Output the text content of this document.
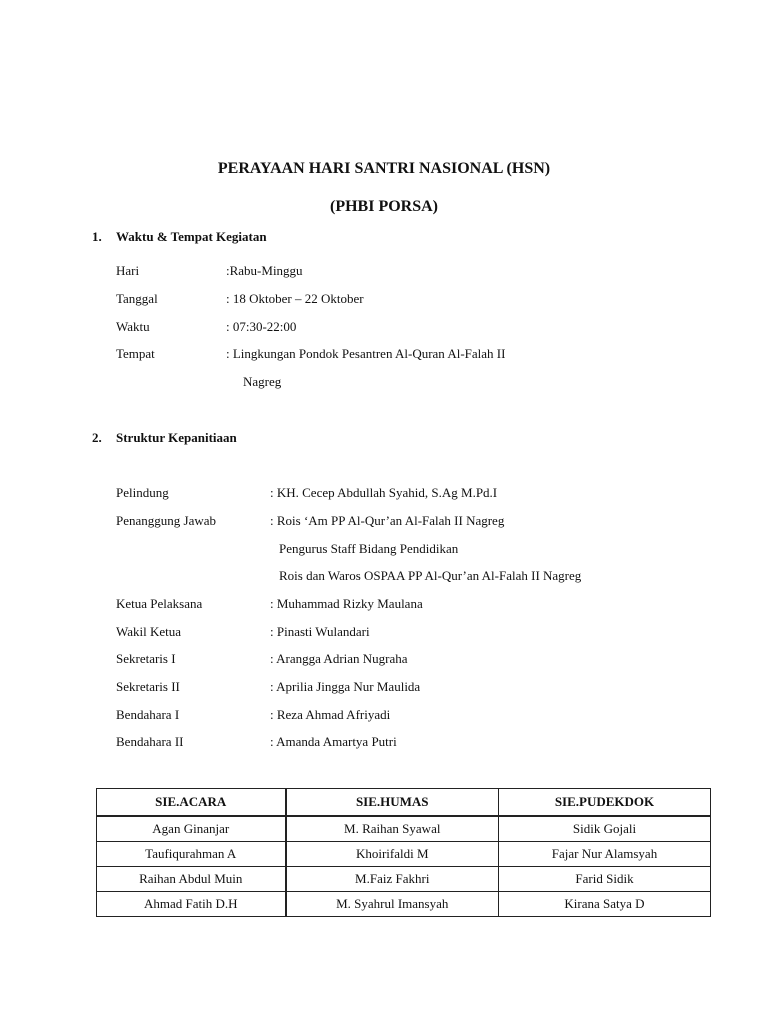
PERAYAAN HARI SANTRI NASIONAL (HSN)
(PHBI PORSA)
1. Waktu & Tempat Kegiatan
Hari	:Rabu-Minggu
Tanggal	: 18 Oktober – 22 Oktober
Waktu	: 07:30-22:00
Tempat	: Lingkungan Pondok Pesantren Al-Quran Al-Falah II
Nagreg
2. Struktur Kepanitiaan
Pelindung	: KH. Cecep Abdullah Syahid, S.Ag M.Pd.I
Penanggung Jawab	: Rois ‘Am PP Al-Qur’an Al-Falah II Nagreg
Pengurus Staff Bidang Pendidikan
Rois dan Waros OSPAA PP Al-Qur’an Al-Falah II Nagreg
Ketua Pelaksana	: Muhammad Rizky Maulana
Wakil Ketua	: Pinasti Wulandari
Sekretaris I	: Arangga Adrian Nugraha
Sekretaris II	: Aprilia Jingga Nur Maulida
Bendahara I	: Reza Ahmad Afriyadi
Bendahara II	: Amanda Amartya Putri
SIE.ACARA	SIE.HUMAS	SIE.PUDEKDOK
Agan Ginanjar	M. Raihan Syawal	Sidik Gojali
Taufiqurahman A	Khoirifaldi M	Fajar Nur Alamsyah
Raihan Abdul Muin	M.Faiz Fakhri	Farid Sidik
Ahmad Fatih D.H	M. Syahrul Imansyah	Kirana Satya D
